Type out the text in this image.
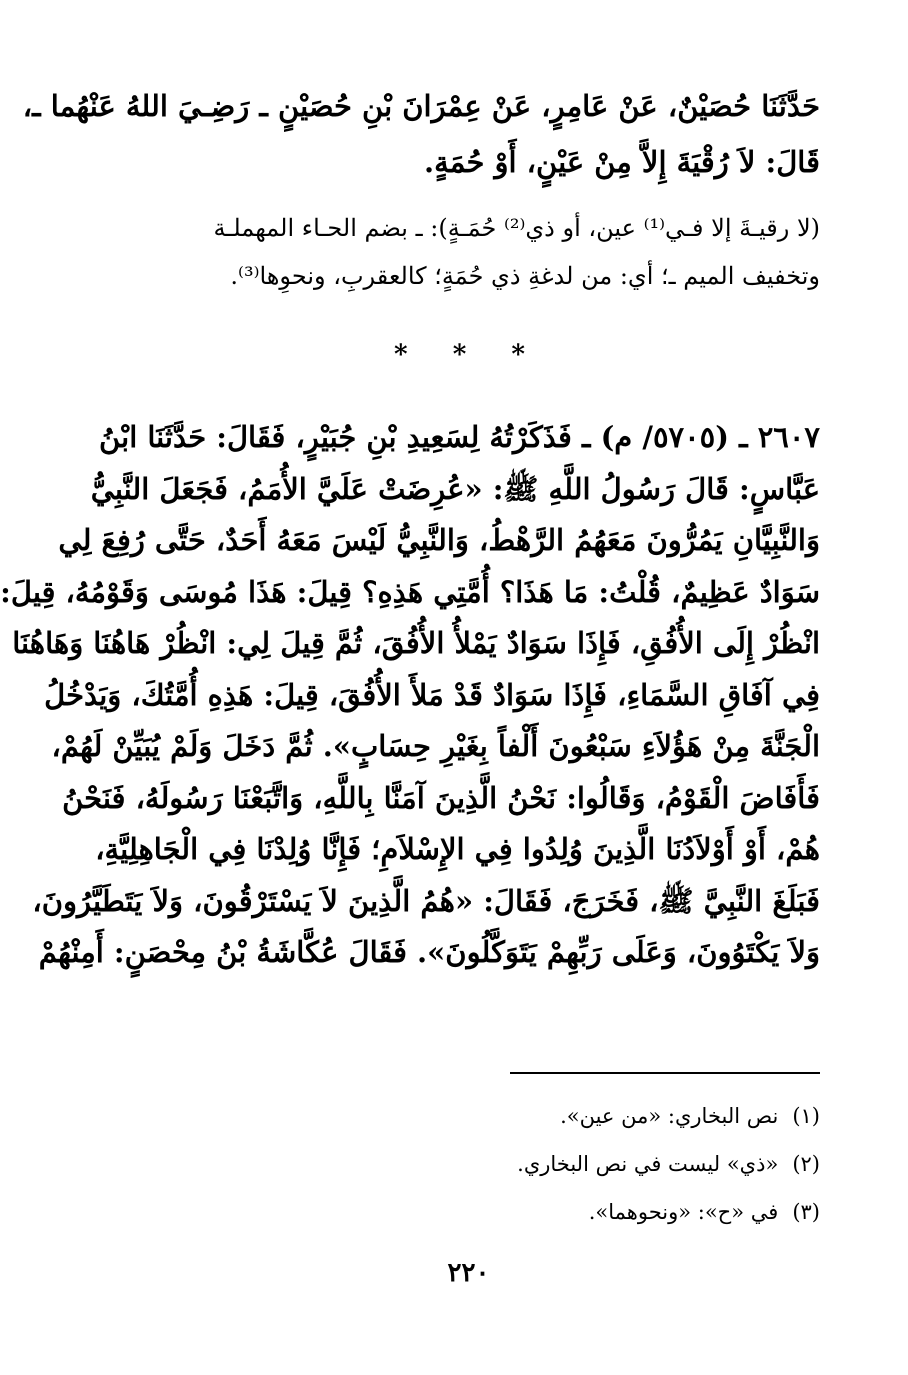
حَدَّثَنَا حُصَيْنٌ، عَنْ عَامِرٍ، عَنْ عِمْرَانَ بْنِ حُصَيْنٍ ـ رَضِـيَ اللهُ عَنْهُما ـ،
قَالَ: لاَ رُقْيَةَ إِلاَّ مِنْ عَيْنٍ، أَوْ حُمَةٍ.
(لا رقيـةَ إلا فـي⁽¹⁾ عين، أو ذي⁽²⁾ حُمَـةٍ): ـ بضم الحـاء المهملـة
وتخفيف الميم ـ؛ أي: من لدغةِ ذي حُمَةٍ؛ كالعقربِ، ونحوِها⁽³⁾.
* * *
٢٦٠٧ ـ (٥٧٠٥/ م) ـ فَذَكَرْتُهُ لِسَعِيدِ بْنِ جُبَيْرٍ، فَقَالَ: حَدَّثَنَا ابْنُ
عَبَّاسٍ: قَالَ رَسُولُ اللَّهِ ﷺ: «عُرِضَتْ عَلَيَّ الأُمَمُ، فَجَعَلَ النَّبِيُّ
وَالنَّبِيَّانِ يَمُرُّونَ مَعَهُمُ الرَّهْطُ، وَالنَّبِيُّ لَيْسَ مَعَهُ أَحَدٌ، حَتَّى رُفِعَ لِي
سَوَادٌ عَظِيمٌ، قُلْتُ: مَا هَذَا؟ أُمَّتِي هَذِهِ؟ قِيلَ: هَذَا مُوسَى وَقَوْمُهُ، قِيلَ:
انْظُرْ إِلَى الأُفُقِ، فَإِذَا سَوَادٌ يَمْلأُ الأُفُقَ، ثُمَّ قِيلَ لِي: انْظُرْ هَاهُنَا وَهَاهُنَا
فِي آفَاقِ السَّمَاءِ، فَإِذَا سَوَادٌ قَدْ مَلأَ الأُفُقَ، قِيلَ: هَذِهِ أُمَّتُكَ، وَيَدْخُلُ
الْجَنَّةَ مِنْ هَؤُلاَءِ سَبْعُونَ أَلْفاً بِغَيْرِ حِسَابٍ». ثُمَّ دَخَلَ وَلَمْ يُبَيِّنْ لَهُمْ،
فَأَفَاضَ الْقَوْمُ، وَقَالُوا: نَحْنُ الَّذِينَ آمَنَّا بِاللَّهِ، وَاتَّبَعْنَا رَسُولَهُ، فَنَحْنُ
هُمْ، أَوْ أَوْلاَدُنَا الَّذِينَ وُلِدُوا فِي الإِسْلاَمِ؛ فَإِنَّا وُلِدْنَا فِي الْجَاهِلِيَّةِ،
فَبَلَغَ النَّبِيَّ ﷺ، فَخَرَجَ، فَقَالَ: «هُمُ الَّذِينَ لاَ يَسْتَرْقُونَ، وَلاَ يَتَطَيَّرُونَ،
وَلاَ يَكْتَوُونَ، وَعَلَى رَبِّهِمْ يَتَوَكَّلُونَ». فَقَالَ عُكَّاشَةُ بْنُ مِحْصَنٍ: أَمِنْهُمْ
(١)نص البخاري: «من عين».
(٢)«ذي» ليست في نص البخاري.
(٣)في «ح»: «ونحوهما».
٢٢٠
